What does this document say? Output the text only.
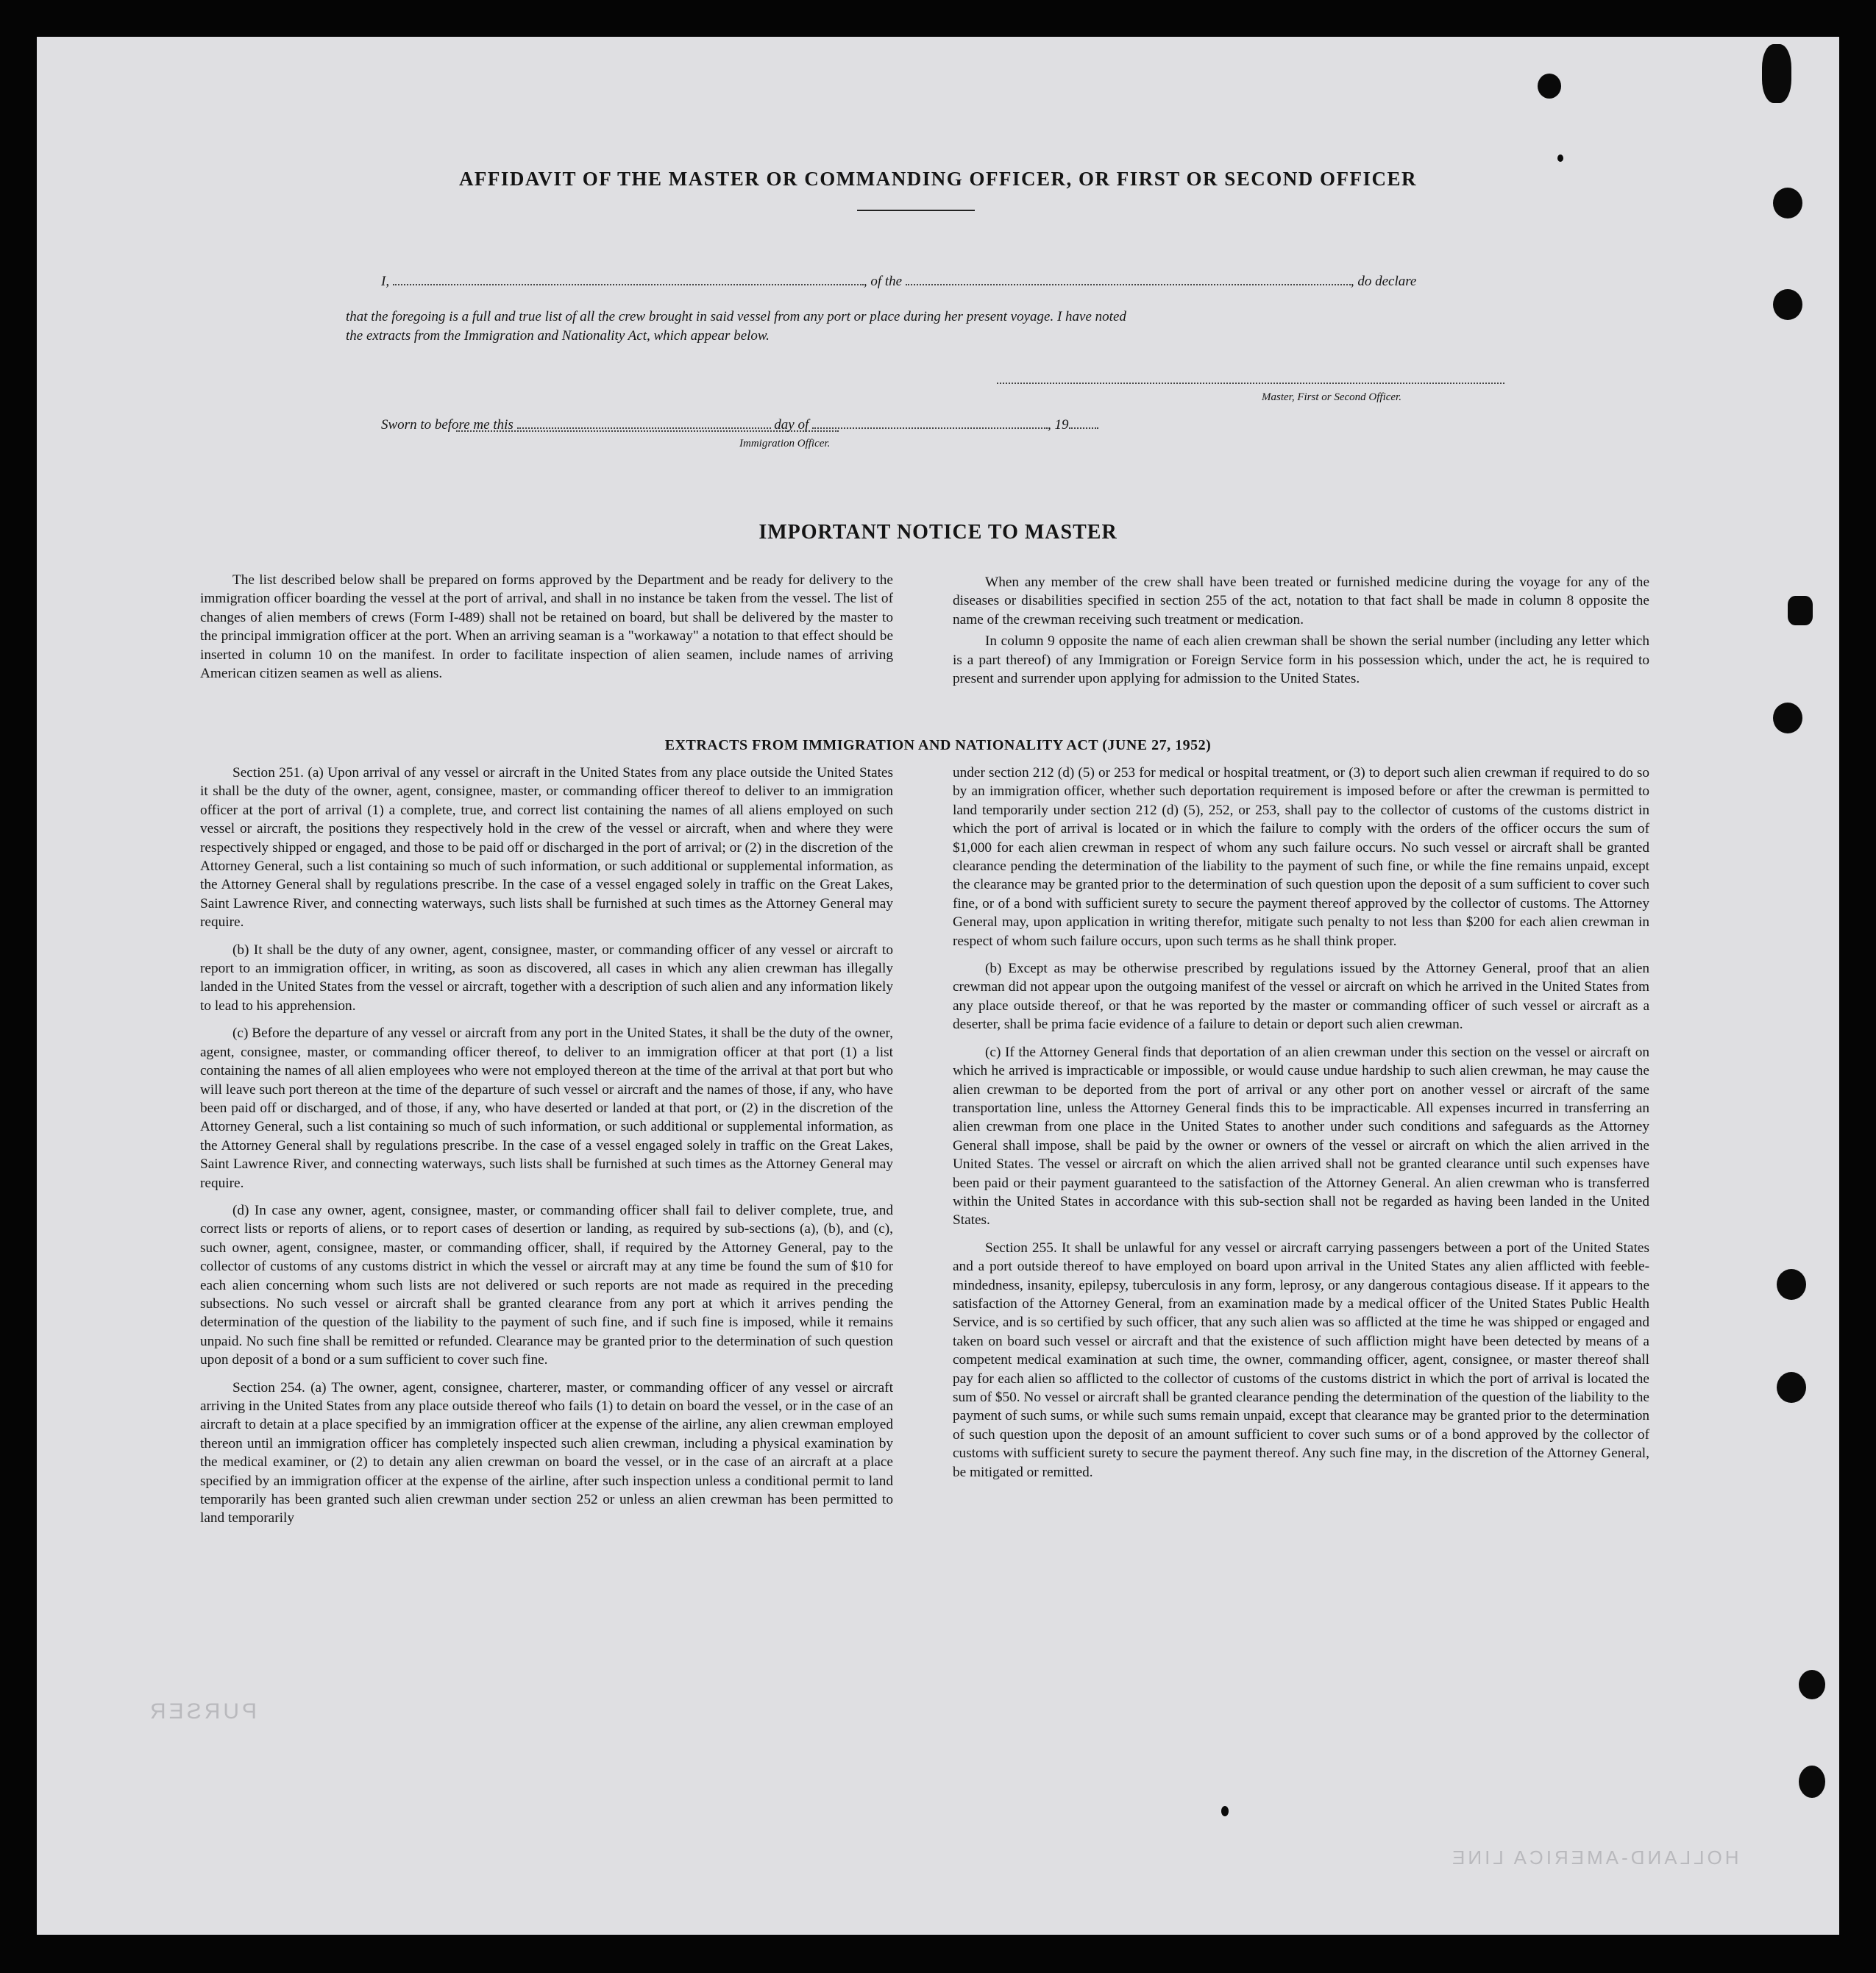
PURSER
HOLLAND-AMERICA LINE
AFFIDAVIT OF THE MASTER OR COMMANDING OFFICER, OR FIRST OR SECOND OFFICER
I,	, of the	, do declare
that the foregoing is a full and true list of all the crew brought in said vessel from any port or place during her present voyage. I have noted
the extracts from the Immigration and Nationality Act, which appear below.
Master, First or Second Officer.
Sworn to before me this	day of	, 19
Immigration Officer.
IMPORTANT NOTICE TO MASTER

The list described below shall be prepared on forms approved by the Department and be ready for delivery to the immigration officer boarding the vessel at the port of arrival, and shall in no instance be taken from the vessel. The list of changes of alien members of crews (Form I-489) shall not be retained on board, but shall be delivered by the master to the principal immigration officer at the port. When an arriving seaman is a "workaway" a notation to that effect should be inserted in column 10 on the manifest. In order to facilitate inspection of alien seamen, include names of arriving American citizen seamen as well as aliens.

When any member of the crew shall have been treated or furnished medicine during the voyage for any of the diseases or disabilities specified in section 255 of the act, notation to that fact shall be made in column 8 opposite the name of the crewman receiving such treatment or medication.

In column 9 opposite the name of each alien crewman shall be shown the serial number (including any letter which is a part thereof) of any Immigration or Foreign Service form in his possession which, under the act, he is required to present and surrender upon applying for admission to the United States.

EXTRACTS FROM IMMIGRATION AND NATIONALITY ACT (JUNE 27, 1952)

Section 251. (a) Upon arrival of any vessel or aircraft in the United States from any place outside the United States it shall be the duty of the owner, agent, consignee, master, or commanding officer thereof to deliver to an immigration officer at the port of arrival (1) a complete, true, and correct list containing the names of all aliens employed on such vessel or aircraft, the positions they respectively hold in the crew of the vessel or aircraft, when and where they were respectively shipped or engaged, and those to be paid off or discharged in the port of arrival; or (2) in the discretion of the Attorney General, such a list containing so much of such information, or such additional or supplemental information, as the Attorney General shall by regulations prescribe. In the case of a vessel engaged solely in traffic on the Great Lakes, Saint Lawrence River, and connecting waterways, such lists shall be furnished at such times as the Attorney General may require.

(b) It shall be the duty of any owner, agent, consignee, master, or commanding officer of any vessel or aircraft to report to an immigration officer, in writing, as soon as discovered, all cases in which any alien crewman has illegally landed in the United States from the vessel or aircraft, together with a description of such alien and any information likely to lead to his apprehension.

(c) Before the departure of any vessel or aircraft from any port in the United States, it shall be the duty of the owner, agent, consignee, master, or commanding officer thereof, to deliver to an immigration officer at that port (1) a list containing the names of all alien employees who were not employed thereon at the time of the arrival at that port but who will leave such port thereon at the time of the departure of such vessel or aircraft and the names of those, if any, who have been paid off or discharged, and of those, if any, who have deserted or landed at that port, or (2) in the discretion of the Attorney General, such a list containing so much of such information, or such additional or supplemental information, as the Attorney General shall by regulations prescribe. In the case of a vessel engaged solely in traffic on the Great Lakes, Saint Lawrence River, and connecting waterways, such lists shall be furnished at such times as the Attorney General may require.

(d) In case any owner, agent, consignee, master, or commanding officer shall fail to deliver complete, true, and correct lists or reports of aliens, or to report cases of desertion or landing, as required by sub-sections (a), (b), and (c), such owner, agent, consignee, master, or commanding officer, shall, if required by the Attorney General, pay to the collector of customs of any customs district in which the vessel or aircraft may at any time be found the sum of $10 for each alien concerning whom such lists are not delivered or such reports are not made as required in the preceding subsections. No such vessel or aircraft shall be granted clearance from any port at which it arrives pending the determination of the question of the liability to the payment of such fine, and if such fine is imposed, while it remains unpaid. No such fine shall be remitted or refunded. Clearance may be granted prior to the determination of such question upon deposit of a bond or a sum sufficient to cover such fine.

Section 254. (a) The owner, agent, consignee, charterer, master, or commanding officer of any vessel or aircraft arriving in the United States from any place outside thereof who fails (1) to detain on board the vessel, or in the case of an aircraft to detain at a place specified by an immigration officer at the expense of the airline, any alien crewman employed thereon until an immigration officer has completely inspected such alien crewman, including a physical examination by the medical examiner, or (2) to detain any alien crewman on board the vessel, or in the case of an aircraft at a place specified by an immigration officer at the expense of the airline, after such inspection unless a conditional permit to land temporarily has been granted such alien crewman under section 252 or unless an alien crewman has been permitted to land temporarily

under section 212 (d) (5) or 253 for medical or hospital treatment, or (3) to deport such alien crewman if required to do so by an immigration officer, whether such deportation requirement is imposed before or after the crewman is permitted to land temporarily under section 212 (d) (5), 252, or 253, shall pay to the collector of customs of the customs district in which the port of arrival is located or in which the failure to comply with the orders of the officer occurs the sum of $1,000 for each alien crewman in respect of whom any such failure occurs. No such vessel or aircraft shall be granted clearance pending the determination of the liability to the payment of such fine, or while the fine remains unpaid, except the clearance may be granted prior to the determination of such question upon the deposit of a sum sufficient to cover such fine, or of a bond with sufficient surety to secure the payment thereof approved by the collector of customs. The Attorney General may, upon application in writing therefor, mitigate such penalty to not less than $200 for each alien crewman in respect of whom such failure occurs, upon such terms as he shall think proper.

(b) Except as may be otherwise prescribed by regulations issued by the Attorney General, proof that an alien crewman did not appear upon the outgoing manifest of the vessel or aircraft on which he arrived in the United States from any place outside thereof, or that he was reported by the master or commanding officer of such vessel or aircraft as a deserter, shall be prima facie evidence of a failure to detain or deport such alien crewman.

(c) If the Attorney General finds that deportation of an alien crewman under this section on the vessel or aircraft on which he arrived is impracticable or impossible, or would cause undue hardship to such alien crewman, he may cause the alien crewman to be deported from the port of arrival or any other port on another vessel or aircraft of the same transportation line, unless the Attorney General finds this to be impracticable. All expenses incurred in transferring an alien crewman from one place in the United States to another under such conditions and safeguards as the Attorney General shall impose, shall be paid by the owner or owners of the vessel or aircraft on which the alien arrived in the United States. The vessel or aircraft on which the alien arrived shall not be granted clearance until such expenses have been paid or their payment guaranteed to the satisfaction of the Attorney General. An alien crewman who is transferred within the United States in accordance with this sub-section shall not be regarded as having been landed in the United States.

Section 255. It shall be unlawful for any vessel or aircraft carrying passengers between a port of the United States and a port outside thereof to have employed on board upon arrival in the United States any alien afflicted with feeble-mindedness, insanity, epilepsy, tuberculosis in any form, leprosy, or any dangerous contagious disease. If it appears to the satisfaction of the Attorney General, from an examination made by a medical officer of the United States Public Health Service, and is so certified by such officer, that any such alien was so afflicted at the time he was shipped or engaged and taken on board such vessel or aircraft and that the existence of such affliction might have been detected by means of a competent medical examination at such time, the owner, commanding officer, agent, consignee, or master thereof shall pay for each alien so afflicted to the collector of customs of the customs district in which the port of arrival is located the sum of $50. No vessel or aircraft shall be granted clearance pending the determination of the question of the liability to the payment of such sums, or while such sums remain unpaid, except that clearance may be granted prior to the determination of such question upon the deposit of an amount sufficient to cover such sums or of a bond approved by the collector of customs with sufficient surety to secure the payment thereof. Any such fine may, in the discretion of the Attorney General, be mitigated or remitted.
